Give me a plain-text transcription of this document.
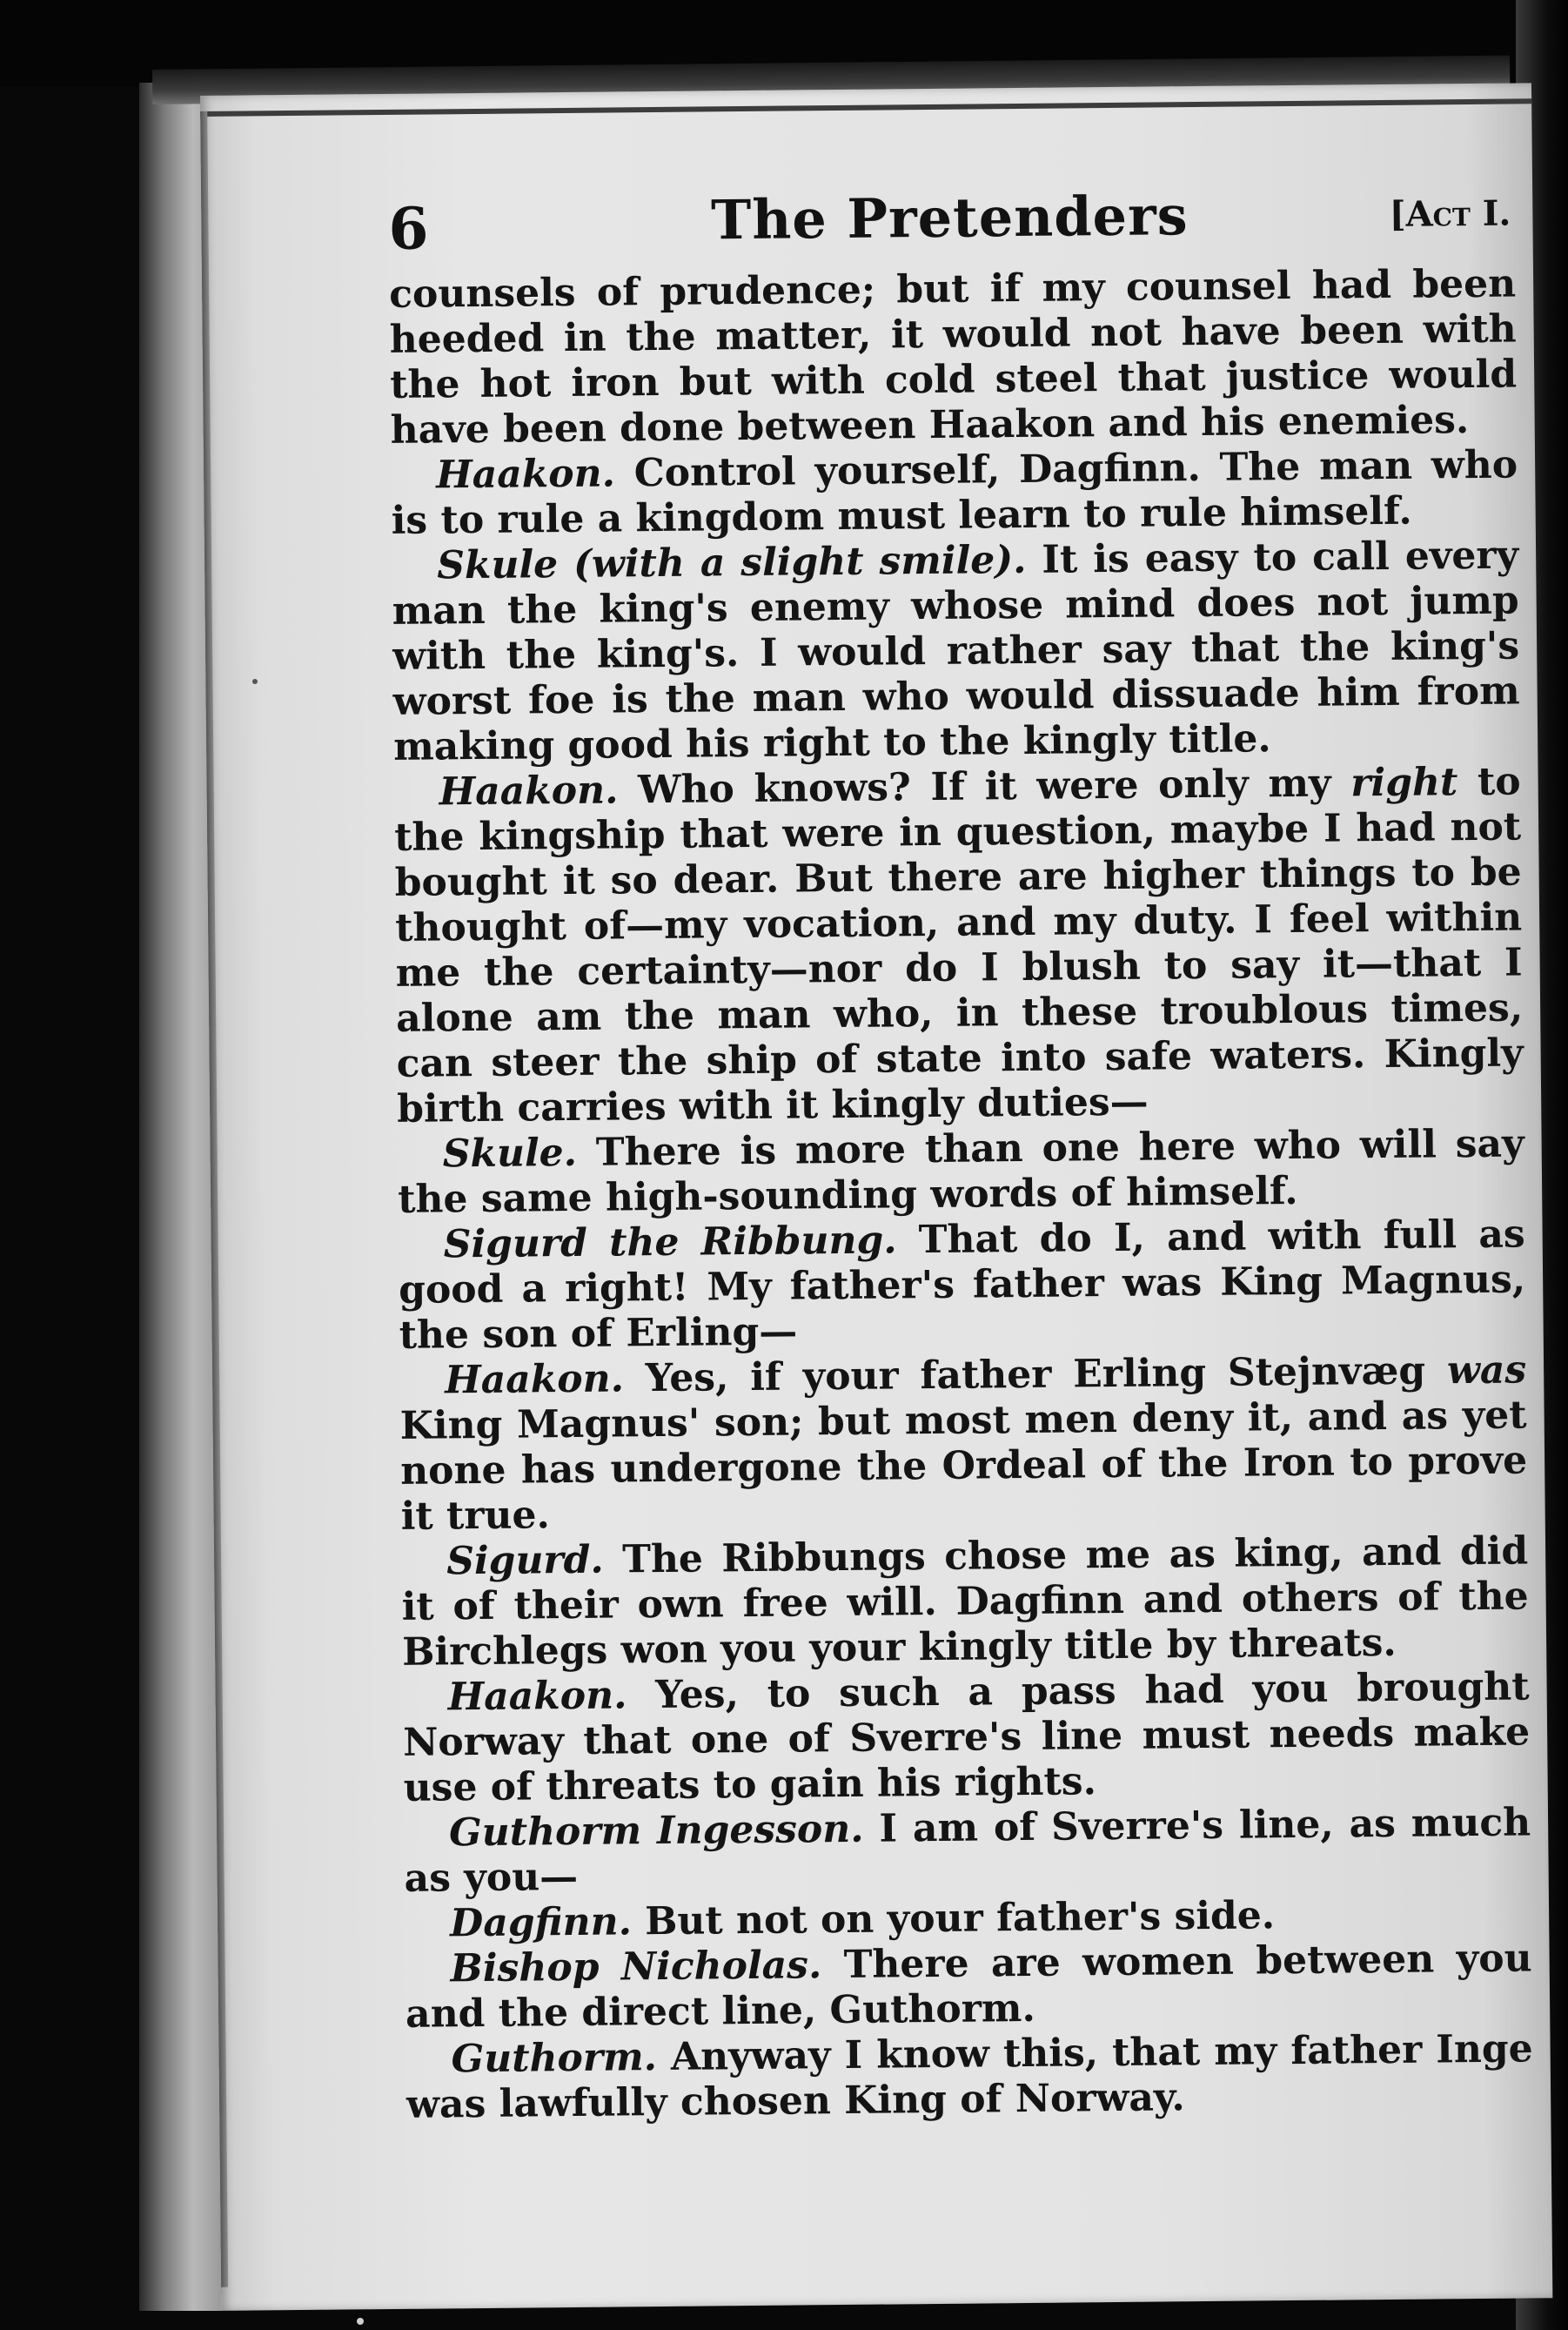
6	The Pretenders	[Act I.

counsels of prudence; but if my counsel had been heeded in the matter, it would not have been with the hot iron but with cold steel that justice would have been done between Haakon and his enemies.

Haakon. Control yourself, Dagfinn. The man who is to rule a kingdom must learn to rule himself.

Skule (with a slight smile). It is easy to call every man the king's enemy whose mind does not jump with the king's. I would rather say that the king's worst foe is the man who would dissuade him from making good his right to the kingly title.

Haakon. Who knows? If it were only my right to the kingship that were in question, maybe I had not bought it so dear. But there are higher things to be thought of—my vocation, and my duty. I feel within me the certainty—nor do I blush to say it—that I alone am the man who, in these troublous times, can steer the ship of state into safe waters. Kingly birth carries with it kingly duties—

Skule. There is more than one here who will say the same high-sounding words of himself.

Sigurd the Ribbung. That do I, and with full as good a right! My father's father was King Magnus, the son of Erling—

Haakon. Yes, if your father Erling Stejnvæg was King Magnus' son; but most men deny it, and as yet none has undergone the Ordeal of the Iron to prove it true.

Sigurd. The Ribbungs chose me as king, and did it of their own free will. Dagfinn and others of the Birchlegs won you your kingly title by threats.

Haakon. Yes, to such a pass had you brought Norway that one of Sverre's line must needs make use of threats to gain his rights.

Guthorm Ingesson. I am of Sverre's line, as much as you—

Dagfinn. But not on your father's side.

Bishop Nicholas. There are women between you and the direct line, Guthorm.

Guthorm. Anyway I know this, that my father Inge was lawfully chosen King of Norway.
